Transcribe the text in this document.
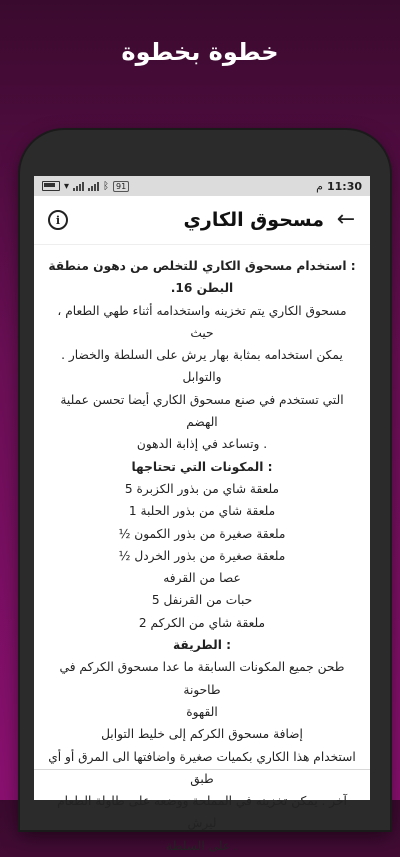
خطوة بخطوة
▾	ᛒ 91	م 11:30
i	مسحوق الكاري ←

: استخدام مسحوق الكاري للتخلص من دهون منطقة البطن 16.

مسحوق الكاري يتم تخزينه واستخدامه أثناء طهي الطعام ، حيث

يمكن استخدامه بمثابة بهار يرش على السلطة والخضار . والتوابل

التي تستخدم في صنع مسحوق الكاري أيضا تحسن عملية الهضم

. وتساعد في إذابة الدهون

: المكونات التي تحتاجها

ملعقة شاي من بذور الكزبرة 5

ملعقة شاي من بذور الحلبة 1

ملعقة صغيرة من بذور الكمون ½

ملعقة صغيرة من بذور الخردل ½

عصا من القرفه

حبات من القرنفل 5

ملعقة شاي من الكركم 2

: الطريقة

طحن جميع المكونات السابقة ما عدا مسحوق الكركم في طاحونة

القهوة

إضافة مسحوق الكركم إلى خليط التوابل

استخدام هذا الكاري بكميات صغيرة واضافتها الى المرق أو أي طبق

آخر . يمكن تخزينه في المملحة ووضعه على طاولة الطعام ليرش

. على السلطة
